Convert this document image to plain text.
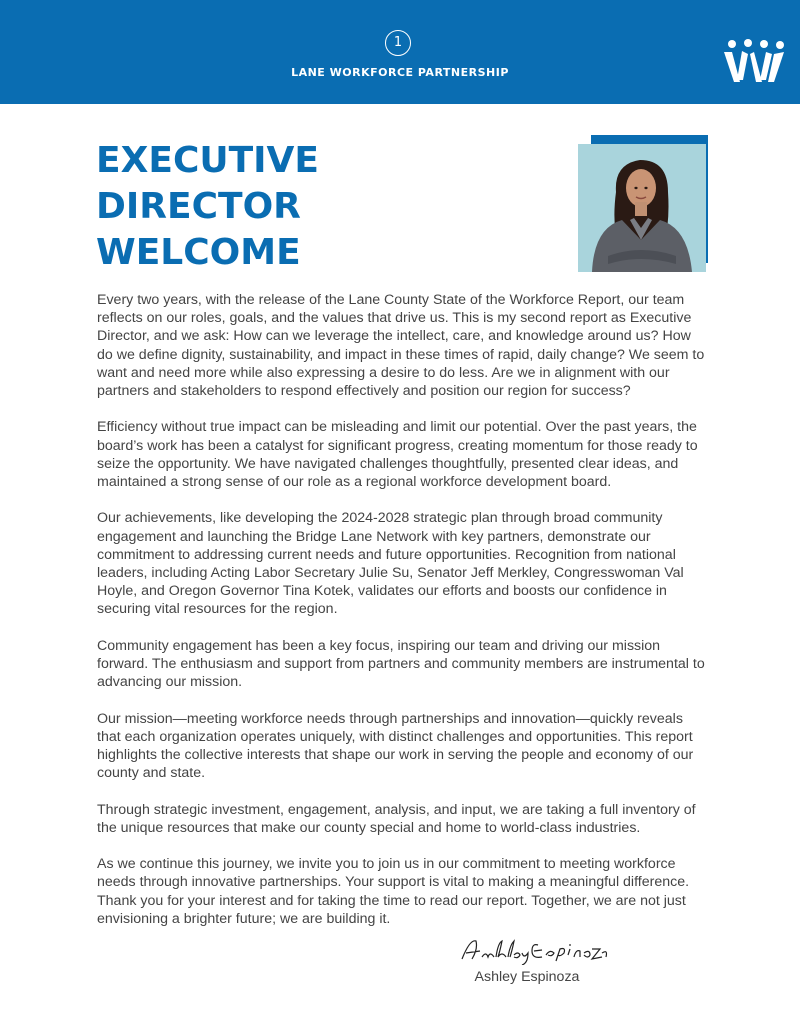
1
LANE WORKFORCE PARTNERSHIP
EXECUTIVE
DIRECTOR
WELCOME

Every two years, with the release of the Lane County State of the Workforce Report, our team reflects on our roles, goals, and the values that drive us. This is my second report as Executive Director, and we ask: How can we leverage the intellect, care, and knowledge around us? How do we define dignity, sustainability, and impact in these times of rapid, daily change? We seem to want and need more while also expressing a desire to do less. Are we in alignment with our partners and stakeholders to respond effectively and position our region for success?

Efficiency without true impact can be misleading and limit our potential. Over the past years, the board’s work has been a catalyst for significant progress, creating momentum for those ready to seize the opportunity. We have navigated challenges thoughtfully, presented clear ideas, and maintained a strong sense of our role as a regional workforce development board.

Our achievements, like developing the 2024-2028 strategic plan through broad community engagement and launching the Bridge Lane Network with key partners, demonstrate our commitment to addressing current needs and future opportunities. Recognition from national leaders, including Acting Labor Secretary Julie Su, Senator Jeff Merkley, Congresswoman Val Hoyle, and Oregon Governor Tina Kotek, validates our efforts and boosts our confidence in securing vital resources for the region.

Community engagement has been a key focus, inspiring our team and driving our mission forward. The enthusiasm and support from partners and community members are instrumental to advancing our mission.

Our mission—meeting workforce needs through partnerships and innovation—quickly reveals that each organization operates uniquely, with distinct challenges and opportunities. This report highlights the collective interests that shape our work in serving the people and economy of our county and state.

Through strategic investment, engagement, analysis, and input, we are taking a full inventory of the unique resources that make our county special and home to world-class industries.

As we continue this journey, we invite you to join us in our commitment to meeting workforce needs through innovative partnerships. Your support is vital to making a meaningful difference. Thank you for your interest and for taking the time to read our report. Together, we are not just envisioning a brighter future; we are building it.

Ashley Espinoza
